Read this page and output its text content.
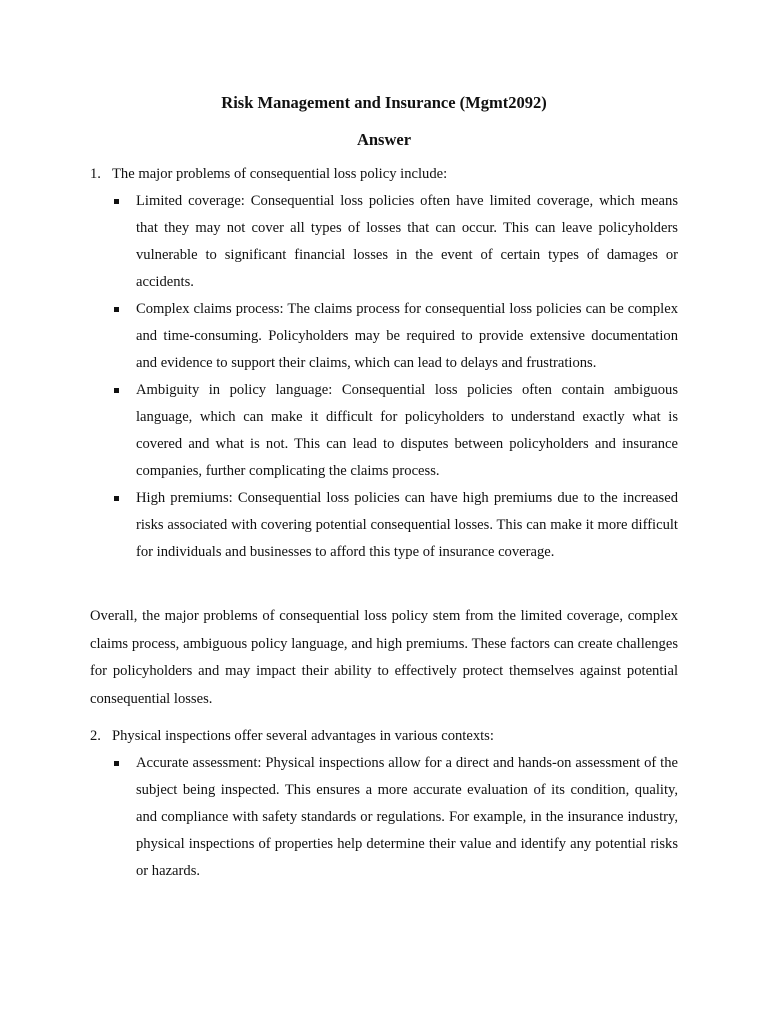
Risk Management and Insurance (Mgmt2092)
Answer
1. The major problems of consequential loss policy include:
Limited coverage: Consequential loss policies often have limited coverage, which means that they may not cover all types of losses that can occur. This can leave policyholders vulnerable to significant financial losses in the event of certain types of damages or accidents.
Complex claims process: The claims process for consequential loss policies can be complex and time-consuming. Policyholders may be required to provide extensive documentation and evidence to support their claims, which can lead to delays and frustrations.
Ambiguity in policy language: Consequential loss policies often contain ambiguous language, which can make it difficult for policyholders to understand exactly what is covered and what is not. This can lead to disputes between policyholders and insurance companies, further complicating the claims process.
High premiums: Consequential loss policies can have high premiums due to the increased risks associated with covering potential consequential losses. This can make it more difficult for individuals and businesses to afford this type of insurance coverage.
Overall, the major problems of consequential loss policy stem from the limited coverage, complex claims process, ambiguous policy language, and high premiums. These factors can create challenges for policyholders and may impact their ability to effectively protect themselves against potential consequential losses.
2. Physical inspections offer several advantages in various contexts:
Accurate assessment: Physical inspections allow for a direct and hands-on assessment of the subject being inspected. This ensures a more accurate evaluation of its condition, quality, and compliance with safety standards or regulations. For example, in the insurance industry, physical inspections of properties help determine their value and identify any potential risks or hazards.
